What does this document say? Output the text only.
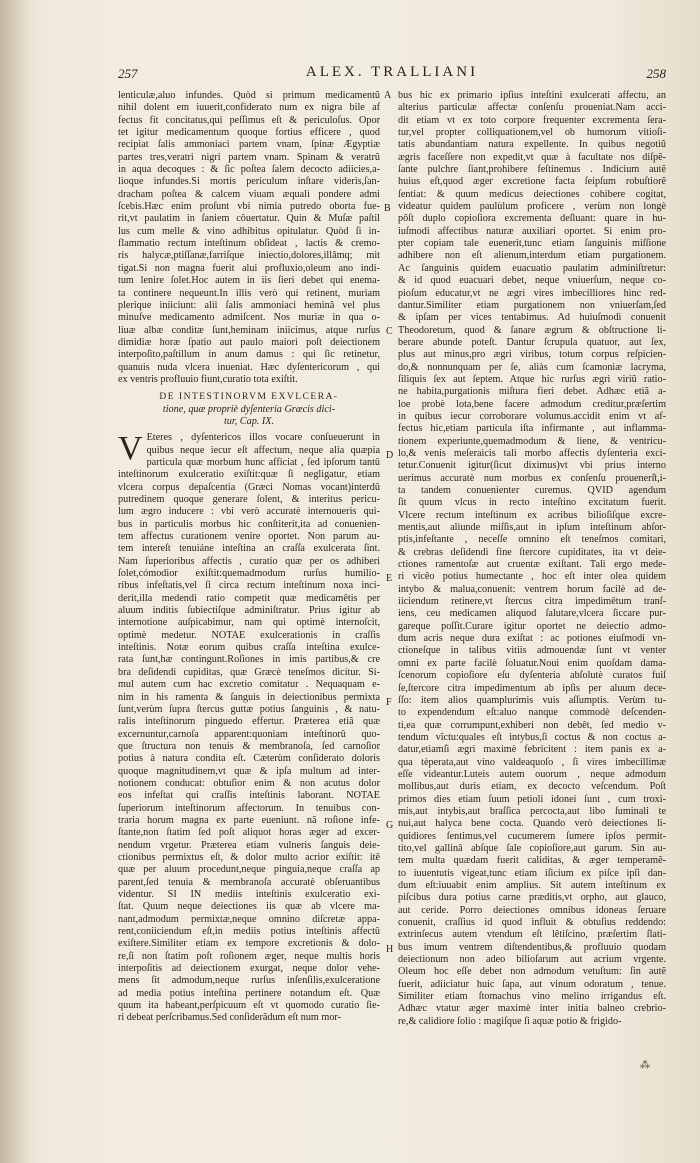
257	ALEX. TRALLIANI	258
lenticulæ,aluo infundes. Quòd si primum medicamentũ
nihil dolent em iuuerit,confiderato num ex nigra bile af
fectus fit concitatus,qui peſſimus eſt & periculoſus. Opor
tet igitur medicamentum quoque fortius efficere , quod
recipiat ſalis ammoniaci partem vnam, ſpinæ Ægyptiæ
partes tres,veratri nigri partem vnam. Spinam & veratrũ
in aqua decoques : & ſic poſtea ſalem decocto adiicies,a-
lioque infundes.Si mortis periculum inſtare videris,ſan-
dracham poſtea & calcem viuam æquali pondere admi
ſcebis.Hæc enim proſunt vbi nimia putredo oborta fue-
rit,vt paulatim in ſaniem côuertatur. Quin & Muſæ paſtil
lus cum melle & vino adhibitus opitulatur. Quòd ſi in-
flammatio rectum inteſtinum obſideat , lactis & cremo-
ris halycæ,ptiſſanæ,farriſque iniectio,dolores,illâmq; mit
tigat.Si non magna fuerit alui profluxio,oleum ano indi-
tum lenire ſolet.Hoc autem in iis ſieri debet qui enema-
ta continere nequeunt.In illis verò qui retinent, muriam
plerique iniiciunt: alii ſalis ammoniaci heminâ vel plus
minuſve medicamento admiſcent. Nos muriæ in qua o-
liuæ albæ conditæ ſunt,heminam iniicimus, atque rurſus
dimidiæ horæ ſpatio aut paulo maiori poſt deiectionem
interpoſito,paſtillum in anum damus : qui ſic retinetur,
quanuis nuda vlcera inueniat. Hæc dyſentericorum , qui
ex ventris profluuio fiunt,curatio tota exiſtit.
DE INTESTINORVM EXVLCERA-
tione, quæ propriè dyſenteria Græcis dici-
tur, Cap. IX.
V Eteres , dyſentericos illos vocare conſueuerunt in
quibus neque iecur eſt affectum, neque alia quæpia
particula quæ morbum hunc afficiat , ſed ipſorum tantû
inteſtinorum exulceratio exiſtit:quæ ſi negligatur, etiam
vlcera corpus depaſcentia (Græci Nomas vocant)interdû
putredinem quoque generare ſolent, & interitus pericu-
lum ægro inducere : vbi verò accuratè internoueris qui-
bus in particulis morbus hic conſtiterit,ita ad conuenien-
tem affectus curationem venire oportet. Non parum au-
tem intereſt tenuiáne inteſtina an craſſa exulcerata ſint.
Nam ſuperioribus affectis , curatio quæ per os adhiberi
ſolet,cómodior exiſtit:quemadmodum rurſus humilio-
ribus infeſtatis,vel ſi circa rectum inteſtinum noxa inci-
derit,illa medendi ratio competit quæ medicamêtis per
aluum inditis ſubiectiſque adminiſtratur. Prius igitur ab
internotione auſpicabimur, nam qui optimè internoſcit,
optimè medetur. NOTAE exulcerationis in craſſis
inteſtinis. Notæ eorum quibus craſſa inteſtina exulce-
rata ſunt,hæ contingunt.Roſiones in imis partibus,& cre
bra deſidendi cupiditas, quæ Græcè teneſmos dicitur. Si-
mul autem cum hac excretio comitatur . Nequaquam e-
nim in his ramenta & ſanguis in deiectionibus permixta
ſunt,verùm ſupra ſtercus guttæ potius ſanguinis , & natu-
ralis inteſtinorum pinguedo effertur. Præterea etiã quæ
excernuntur,carnoſa apparent:quoniam inteſtinorû quo-
que ſtructura non tenuis & membranoſa, ſed carnoſior
potius à natura condita eſt. Cæterùm conſiderato doloris
quoque magnitudinem,vt quæ & ipſa multum ad inter-
notionem conducat: obtuſior enim & non acutus dolor
eos infeſtat qui craſſis inteſtinis laborant. NOTAE
ſuperiorum inteſtinorum affectorum. In tenuibus con-
traria horum magna ex parte eueniunt. nã roſione infe-
ſtante,non ſtatim ſed poſt aliquot horas æger ad excer-
nendum vrgetur. Præterea etiam vulneris ſanguis deie-
ctionibus permixtus eſt, & dolor multo acrior exiſtit: itê
quæ per aluum procedunt,neque pinguia,neque craſſa ap
parent,ſed tenuia & membranoſa accuratè obſeruantibus
videntur. SI IN mediis inteſtinis exulceratio exi-
ſtat. Quum neque deiectiones iis quæ ab vlcere ma-
nant,admodum permixtæ,neque omnino diſcretæ appa-
rent,coniiciendum eſt,in mediis potius inteſtinis affectû
exiſtere.Similiter etiam ex tempore excretionis & dolo-
re,ſi non ſtatim poſt roſionem æger, neque multis horis
interpoſitis ad deiectionem exurgat, neque dolor vehe-
mens ſit admodum,neque rurſus inſenſilis,exulceratione
ad media potius inteſtina pertinere notandum eſt. Quæ
quum ita habeant,perſpicuum eſt vt quomodo curatio ſie-
ri debeat perſcribamus.Sed conſiderãdum eſt num mor-
bus hic ex primario ipſius inteſtini exulcerati affectu, an
alterius particulæ affectæ conſenſu proueniat.Nam acci-
dit etiam vt ex toto corpore frequenter excrementa ſera-
tur,vel propter colliquationem,vel ob humorum vitioſi-
tatis abundantiam natura expellente. In quibus negotiũ
ægris faceſſere non expedit,vt quæ à facultate nos diſpẽ-
ſante pulchre ſiant,prohibere feſtinemus . Indicium autẽ
huius eſt,quod æger excretione facta ſeipſum robuſtiorẽ
ſentiat: & quum medicus deiectiones cohibere cogitat,
videatur quidem paulùlum proficere , verùm non longè
pôſt duplo copioſiora excrementa deſluant: quare in hu-
iuſmodi affectibus naturæ auxiliari oportet. Si enim pro-
pter copiam tale euenerit,tunc etiam ſanguinis miſſione
adhibere non eſt alienum,interdum etiam purgationem.
Ac ſanguinis quidem euacuatio paulatim adminiſtretur:
& id quod euacuari debet, neque vniuerſum, neque co-
pioſum educatur,vt ne ægri vires imbecilliores hinc red-
dantur.Similiter etiam purgationem non vniuerſam,ſed
& ipſam per vices tentabimus. Ad huiuſmodi conuenit
Theodoretum, quod & ſanare ægrum & obſtructione li-
berare abunde poteſt. Dantur ſcrupula quatuor, aut ſex,
plus aut minus,pro ægri viribus, totum corpus reſpicien-
do,& nonnunquam per ſe, aliàs cum ſcamoniæ lacryma,
ſiliquis ſex aut ſeptem. Atque hic rurſus ægri viriũ ratio-
ne habita,purgationis miſtura fieri debet. Adhæc etiã a-
loe probè lota,bene facere admodum creditur,præſertim
in quibus iecur corroborare volumus.accidit enim vt af-
fectus hic,etiam particula iſta infirmante , aut inflamma-
tionem experiunte,quemadmodum & liene, & ventricu-
lo,& venis meſeraicis tali morbo affectis dyſenteria exci-
tetur.Conuenit igitur(ſicut diximus)vt vbi prius interno
uerimus accuratè num morbus ex conſenſu proueneri̊t,i-
ta tandem conuenienter curemus. QVID agendum
ſit quum vlcus in recto inteſtino excitatum fuerit.
Vlcere rectum inteſtinum ex acribus bilioſiſque excre-
mentis,aut aliunde miſſis,aut in ipſum inteſtinum abſor-
ptis,infeſtante , neceſſe omnino eſt teneſmos comitari,
& crebras deſidendi fine ſtercore cupiditates, ita vt deie-
ctiones ramentoſæ aut cruentæ exiſtant. Tali ergo mede-
ri vicêo potius humectante , hoc eſt inter olea quidem
intybo & malua,conuenit: ventrem horum facilè ad de-
iiciendum retinere,vt ſtercus citra impedimêtum tranſ-
iens, ceu medicamen aliquod ſalutare,vlcera ſiccare pur-
gareque poſſit.Curare igitur oportet ne deiectio admo-
dum acris neque dura exiſtat : ac potiones eiuſmodi vn-
ctioneſque in talibus vitiis admouendæ ſunt vt venter
omni ex parte facilè ſoluatur.Noui enim quoſdam dama-
ſcenorum copioſiore eſu dyſenteria abſolutè curatos fuiſ
ſe,ſtercore citra impedimentum ab ipſis per aluum dece-
ſſo: item alios quamplurimis vuis aſſumptis. Verùm tu-
to expendendum eſt:aluo nanque commodè deſcenden-
ti,ea quæ corrumpunt,exhiberi non debêt, ſed medio v-
tendum vîctu:quales eſt intybus,ſi coctus & non coctus a-
datur,etiamſi ægri maximè febricitent : item panis ex a-
qua tèperata,aut vino valdeaquoſo , ſi vires imbecillimæ
eſſe videantur.Luteis autem ouorum , neque admodum
mollibus,aut duris etiam, ex decocto veſcendum. Poſt
primos dies etiam ſuum petioli idonei ſunt , cum troxi-
mis,aut intybis,aut braſſica percocta,aut libo ſuminali te
nui,aut halyca bene cocta. Quando verò deiectiones li-
quidiores ſentimus,vel cucumerem ſumere ipſos permit-
tito,vel gallinâ abſque ſale copioſiore,aut garum. Sin au-
tem multa quædam fuerit caliditas, & æger temperamẽ-
to iuuentutis vigeat,tunc etiam iſicium ex piſce ipſi dan-
dum eſt:iuuabit enim amplius. Sit autem inteſtinum ex
piſcibus dura potius carne præditis,vt orpho, aut glauco,
aut ceride. Porro deiectiones omnibus idoneas ſeruare
conuenit, craſſius id quod influit & obtuſius reddendo:
extrinſecus autem vtendum eſt lêtiſcino, præſertim ſlati-
bus imum ventrem diſtendentibus,& profluuio quodam
deiectionum non adeo bilioſarum aut acrium vrgente.
Oleum hoc eſſe debet non admodum vetuſtum: ſin autẽ
fuerit, adiiciatur huic ſapa, aut vinum odoratum , tenue.
Similiter etiam ſtomachus vino melino irrigandus eſt.
Adhæc vtatur æger maximè inter initia balneo crebrio-
re,& calidiore ſolio : magiſque ſi aquæ potio & frigido-
A
B
C
D
E
F
G
H
⁂
